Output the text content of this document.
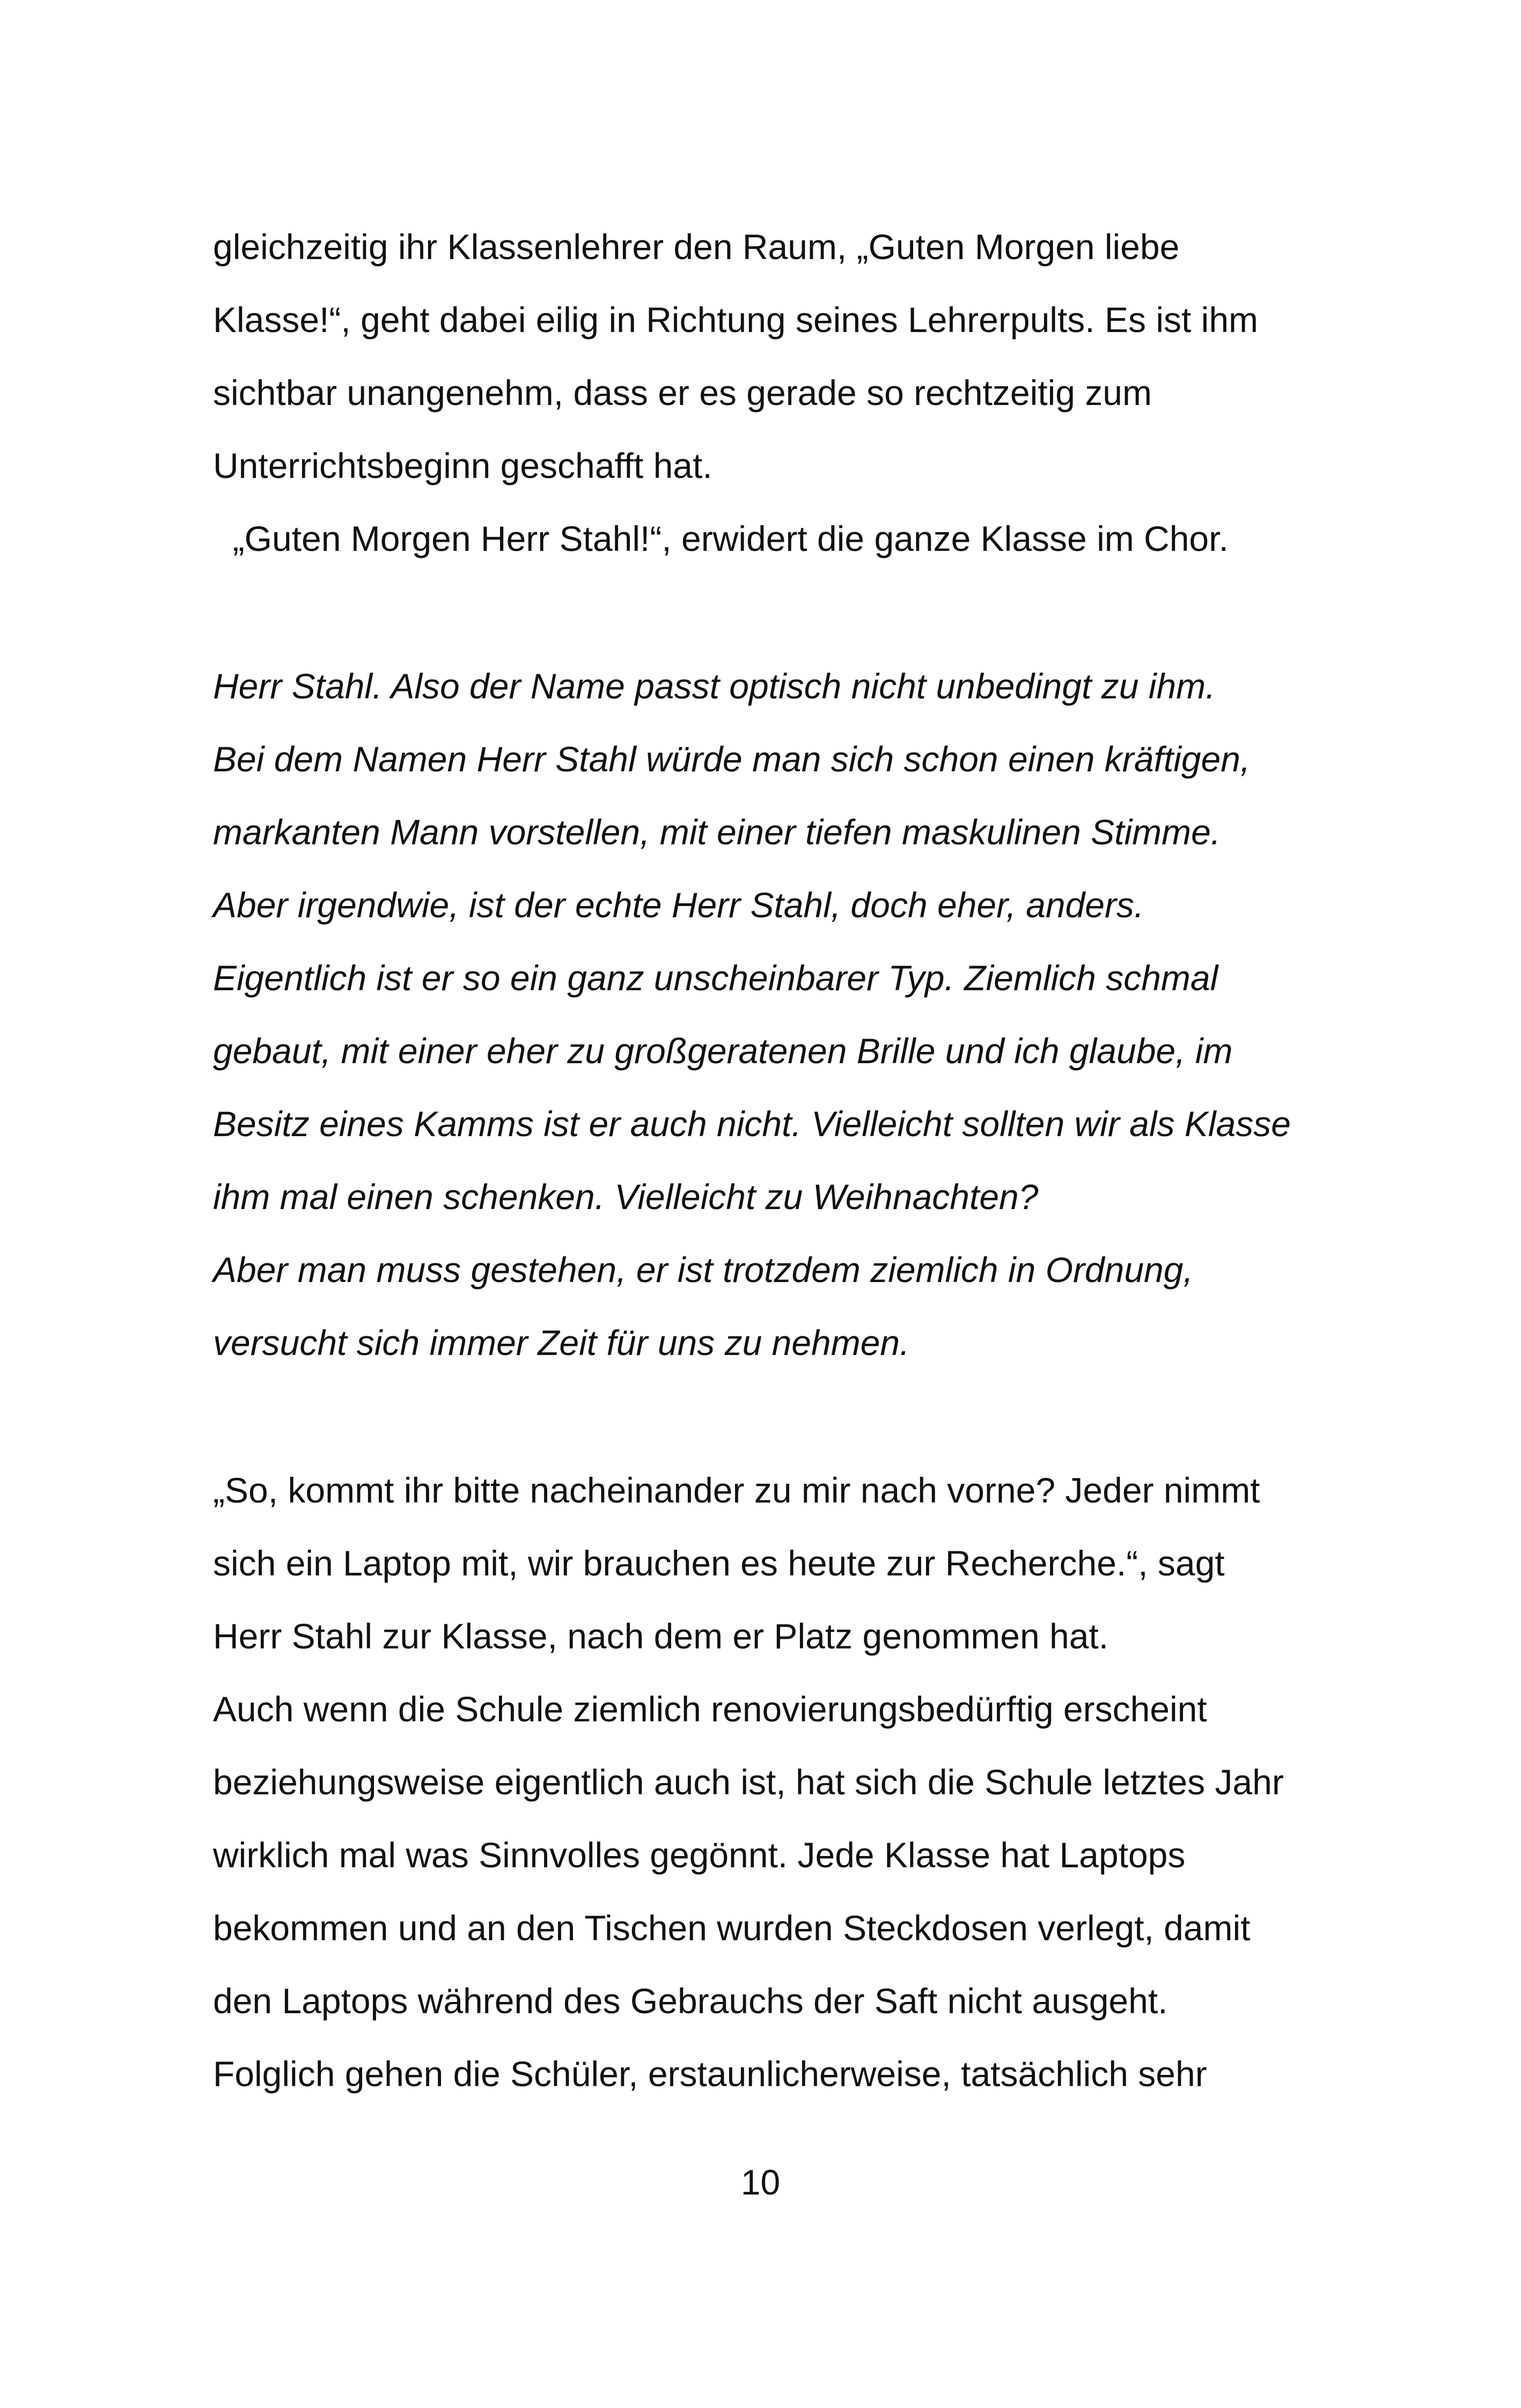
gleichzeitig ihr Klassenlehrer den Raum, „Guten Morgen liebe
Klasse!“, geht dabei eilig in Richtung seines Lehrerpults. Es ist ihm
sichtbar unangenehm, dass er es gerade so rechtzeitig zum
Unterrichtsbeginn geschafft hat.
„Guten Morgen Herr Stahl!“, erwidert die ganze Klasse im Chor.
Herr Stahl. Also der Name passt optisch nicht unbedingt zu ihm.
Bei dem Namen Herr Stahl würde man sich schon einen kräftigen,
markanten Mann vorstellen, mit einer tiefen maskulinen Stimme.
Aber irgendwie, ist der echte Herr Stahl, doch eher, anders.
Eigentlich ist er so ein ganz unscheinbarer Typ. Ziemlich schmal
gebaut, mit einer eher zu großgeratenen Brille und ich glaube, im
Besitz eines Kamms ist er auch nicht. Vielleicht sollten wir als Klasse
ihm mal einen schenken. Vielleicht zu Weihnachten?
Aber man muss gestehen, er ist trotzdem ziemlich in Ordnung,
versucht sich immer Zeit für uns zu nehmen.
„So, kommt ihr bitte nacheinander zu mir nach vorne? Jeder nimmt
sich ein Laptop mit, wir brauchen es heute zur Recherche.“, sagt
Herr Stahl zur Klasse, nach dem er Platz genommen hat.
Auch wenn die Schule ziemlich renovierungsbedürftig erscheint
beziehungsweise eigentlich auch ist, hat sich die Schule letztes Jahr
wirklich mal was Sinnvolles gegönnt. Jede Klasse hat Laptops
bekommen und an den Tischen wurden Steckdosen verlegt, damit
den Laptops während des Gebrauchs der Saft nicht ausgeht.
Folglich gehen die Schüler, erstaunlicherweise, tatsächlich sehr
10
